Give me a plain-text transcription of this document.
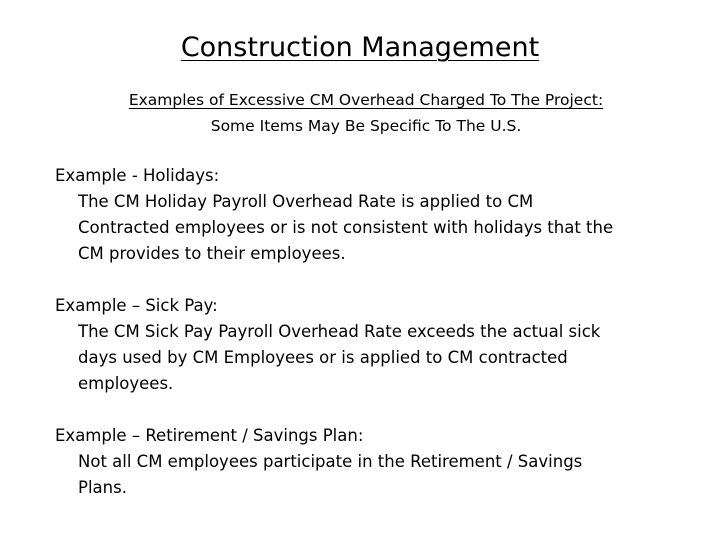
Construction Management
Examples of Excessive CM Overhead Charged To The Project:
Some Items May Be Specific To The U.S.
Example - Holidays:
The CM Holiday Payroll Overhead Rate is applied to CM
Contracted employees or is not consistent with holidays that the
CM provides to their employees.
Example – Sick Pay:
The CM Sick Pay Payroll Overhead Rate exceeds the actual sick
days used by CM Employees or is applied to CM contracted
employees.
Example – Retirement / Savings Plan:
Not all CM employees participate in the Retirement / Savings
Plans.
